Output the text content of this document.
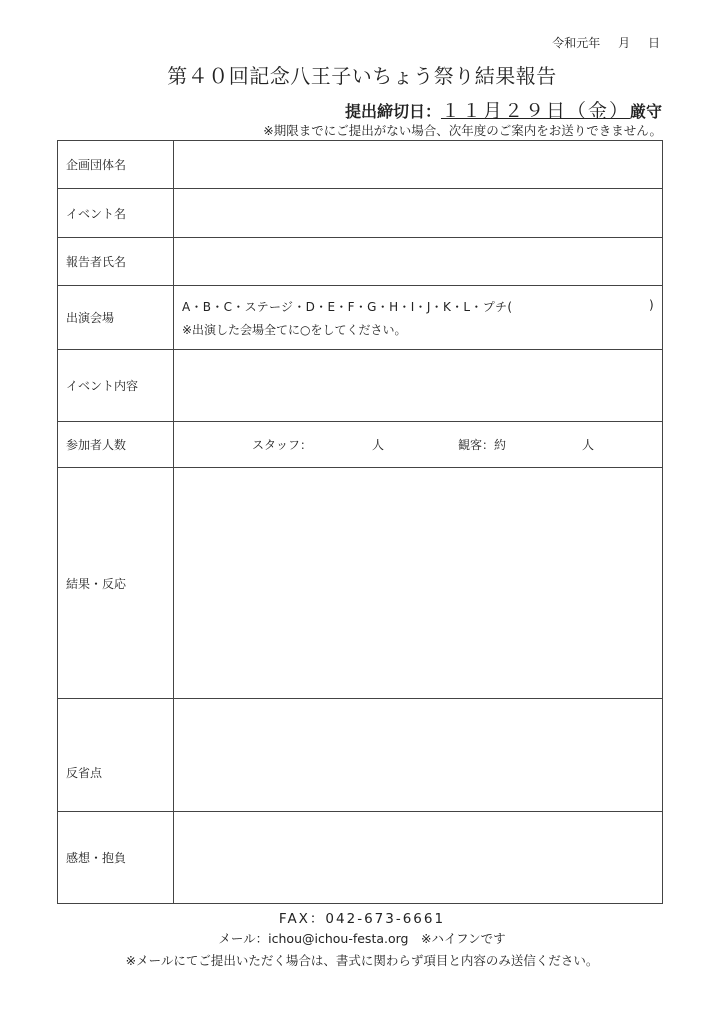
令和元年 月 日
第４０回記念八王子いちょう祭り結果報告
提出締切日：１１月２９日（金）厳守
※期限までにご提出がない場合、次年度のご案内をお送りできません。
企画団体名	
イベント名	
報告者氏名	
出演会場	A・B・C・ステージ・D・E・F・G・H・I・J・K・L・プチ( )
※出演した会場全てに○をしてください。

イベント内容	
参加者人数	スタッフ： 人 観客：約 人

結果・反応	
反省点	
感想・抱負	
FAX：042-673-6661
メール：ichou@ichou-festa.org　※ハイフンです
※メールにてご提出いただく場合は、書式に関わらず項目と内容のみ送信ください。
